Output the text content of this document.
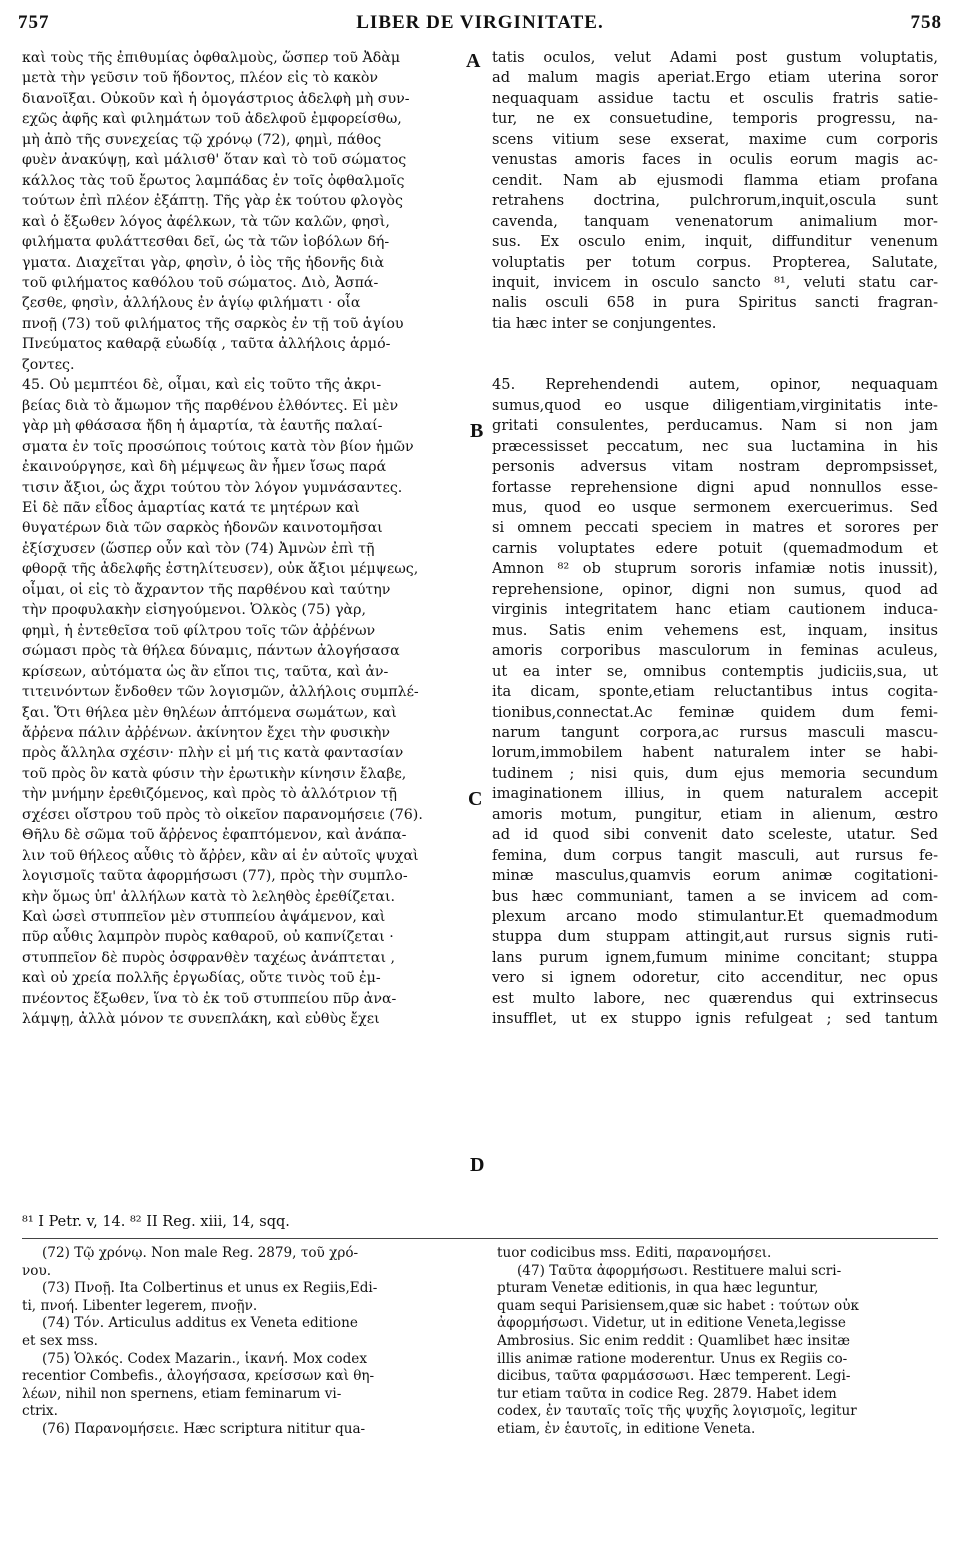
757	LIBER DE VIRGINITATE.	758
καὶ τοὺς τῆς ἐπιθυμίας ὀφθαλμοὺς, ὥσπερ τοῦ Ἀδὰμ
μετὰ τὴν γεῦσιν τοῦ ἥδοντος, πλέον εἰς τὸ κακὸν
διανοῖξαι. Οὐκοῦν καὶ ἡ ὁμογάστριος ἀδελφὴ μὴ συν-
εχῶς ἀφῆς καὶ φιλημάτων τοῦ ἀδελφοῦ ἐμφορείσθω,
μὴ ἀπὸ τῆς συνεχείας τῷ χρόνῳ (72), φημὶ, πάθος
φυὲν ἀνακύψῃ, καὶ μάλισθ' ὅταν καὶ τὸ τοῦ σώματος
κάλλος τὰς τοῦ ἔρωτος λαμπάδας ἐν τοῖς ὀφθαλμοῖς
τούτων ἐπὶ πλέον ἐξάπτῃ. Τῆς γὰρ ἐκ τούτου φλογὸς
καὶ ὁ ἔξωθεν λόγος ἀφέλκων, τὰ τῶν καλῶν, φησὶ,
φιλήματα φυλάττεσθαι δεῖ, ὡς τὰ τῶν ἰοβόλων δή-
γματα. Διαχεῖται γὰρ, φησὶν, ὁ ἰὸς τῆς ἡδονῆς διὰ
τοῦ φιλήματος καθόλου τοῦ σώματος. Διὸ, Ἀσπά-
ζεσθε, φησὶν, ἀλλήλους ἐν ἁγίῳ φιλήματι · οἷα
πνοῇ (73) τοῦ φιλήματος τῆς σαρκὸς ἐν τῇ τοῦ ἁγίου
Πνεύματος καθαρᾷ εὐωδίᾳ , ταῦτα ἀλλήλοις ἁρμό-
ζοντες.
45. Οὐ μεμπτέοι δὲ, οἶμαι, καὶ εἰς τοῦτο τῆς ἀκρι-
βείας διὰ τὸ ἄμωμον τῆς παρθένου ἐλθόντες. Εἰ μὲν
γὰρ μὴ φθάσασα ἤδη ἡ ἁμαρτία, τὰ ἑαυτῆς παλαί-
σματα ἐν τοῖς προσώποις τούτοις κατὰ τὸν βίον ἡμῶν
ἐκαινούργησε, καὶ δὴ μέμψεως ἂν ἦμεν ἴσως παρά
τισιν ἄξιοι, ὡς ἄχρι τούτου τὸν λόγον γυμνάσαντες.
Εἰ δὲ πᾶν εἶδος ἁμαρτίας κατά τε μητέρων καὶ
θυγατέρων διὰ τῶν σαρκὸς ἡδονῶν καινοτομῆσαι
ἐξίσχυσεν (ὥσπερ οὖν καὶ τὸν (74) Ἀμνὼν ἐπὶ τῇ
φθορᾷ τῆς ἀδελφῆς ἐστηλίτευσεν), οὐκ ἄξιοι μέμψεως,
οἶμαι, οἱ εἰς τὸ ἄχραντον τῆς παρθένου καὶ ταύτην
τὴν προφυλακὴν εἰσηγούμενοι. Ὁλκὸς (75) γὰρ,
φημὶ, ἡ ἐντεθεῖσα τοῦ φίλτρου τοῖς τῶν ἀῤῥένων
σώμασι πρὸς τὰ θήλεα δύναμις, πάντων ἀλογήσασα
κρίσεων, αὐτόματα ὡς ἂν εἴποι τις, ταῦτα, καὶ ἀν-
τιτεινόντων ἔνδοθεν τῶν λογισμῶν, ἀλλήλοις συμπλέ-
ξαι. Ὅτι θήλεα μὲν θηλέων ἁπτόμενα σωμάτων, καὶ
ἄῤῥενα πάλιν ἀῤῥένων. ἀκίνητον ἔχει τὴν φυσικὴν
πρὸς ἄλληλα σχέσιν· πλὴν εἰ μή τις κατὰ φαντασίαν
τοῦ πρὸς ὃν κατὰ φύσιν τὴν ἐρωτικὴν κίνησιν ἔλαβε,
τὴν μνήμην ἐρεθιζόμενος, καὶ πρὸς τὸ ἀλλότριον τῇ
σχέσει οἴστρου τοῦ πρὸς τὸ οἰκεῖον παρανομήσειε (76).
Θῆλυ δὲ σῶμα τοῦ ἄῤῥενος ἐφαπτόμενον, καὶ ἀνάπα-
λιν τοῦ θήλεος αὖθις τὸ ἄῤῥεν, κἂν αἱ ἐν αὐτοῖς ψυχαὶ
λογισμοῖς ταῦτα ἀφορμήσωσι (77), πρὸς τὴν συμπλο-
κὴν ὅμως ὑπ' ἀλλήλων κατὰ τὸ λεληθὸς ἐρεθίζεται.
Καὶ ὡσεὶ στυππεῖον μὲν στυππείου ἀψάμενον, καὶ
πῦρ αὖθις λαμπρὸν πυρὸς καθαροῦ, οὐ καπνίζεται ·
στυππεῖον δὲ πυρὸς ὀσφρανθὲν ταχέως ἀνάπτεται ,
καὶ οὐ χρεία πολλῆς ἐργωδίας, οὔτε τινὸς τοῦ ἐμ-
πνέοντος ἔξωθεν, ἵνα τὸ ἐκ τοῦ στυππείου πῦρ ἀνα-
λάμψῃ, ἀλλὰ μόνον τε συνεπλάκη, καὶ εὐθὺς ἔχει
tatis oculos, velut Adami post gustum voluptatis,
ad malum magis aperiat.Ergo etiam uterina soror
nequaquam assidue tactu et osculis fratris satie-
tur, ne ex consuetudine, temporis progressu, na-
scens vitium sese exserat, maxime cum corporis
venustas amoris faces in oculis eorum magis ac-
cendit. Nam ab ejusmodi flamma etiam profana
retrahens doctrina, pulchrorum,inquit,oscula sunt
cavenda, tanquam venenatorum animalium mor-
sus. Ex osculo enim, inquit, diffunditur venenum
voluptatis per totum corpus. Propterea, Salutate,
inquit, invicem in osculo sancto ⁸¹, veluti statu car-
nalis osculi 658 in pura Spiritus sancti fragran-
tia hæc inter se conjungentes.

45. Reprehendendi autem, opinor, nequaquam
sumus,quod eo usque diligentiam,virginitatis inte-
gritati consulentes, perducamus. Nam si non jam
præcessisset peccatum, nec sua luctamina in his
personis adversus vitam nostram deprompsisset,
fortasse reprehensione digni apud nonnullos esse-
mus, quod eo usque sermonem exercuerimus. Sed
si omnem peccati speciem in matres et sorores per
carnis voluptates edere potuit (quemadmodum et
Amnon ⁸² ob stuprum sororis infamiæ notis inussit),
reprehensione, opinor, digni non sumus, quod ad
virginis integritatem hanc etiam cautionem inducа-
mus. Satis enim vehemens est, inquam, insitus
amoris corporibus masculorum in feminas aculeus,
ut ea inter se, omnibus contemptis judiciis,sua, ut
ita dicam, sponte,etiam reluctantibus intus cogita-
tionibus,connectat.Ac feminæ quidem dum femi-
narum tangunt corpora,ac rursus masculi mascu-
lorum,immobilem habent naturalem inter se habi-
tudinem ; nisi quis, dum ejus memoria secundum
imaginationem illius, in quem naturalem accepit
amoris motum, pungitur, etiam in alienum, œstro
ad id quod sibi convenit dato sceleste, utatur. Sed
femina, dum corpus tangit masculi, aut rursus fe-
minæ masculus,quamvis eorum animæ cogitationi-
bus hæc communiant, tamen a se invicem ad com-
plexum arcano modo stimulantur.Et quemadmodum
stuppa dum stuppam attingit,aut rursus signis ruti-
lans purum ignem,fumum minime concitant; stuppa
vero si ignem odoretur, cito accenditur, nec opus
est multo labore, nec quærendus qui extrinsecus
insufflet, ut ex stuppo ignis refulgeat ; sed tantum
A
B
C
D
⁸¹ I Petr. v, 14. ⁸² II Reg. xiii, 14, sqq.
(72) Τῷ χρόνῳ. Non male Reg. 2879, τοῦ χρό-
νου.
(73) Πνοῇ. Ita Colbertinus et unus ex Regiis,Edi-
ti, πνοή. Libenter legerem, πνοῇν.
(74) Τόν. Articulus additus ex Veneta editione
et sex mss.
(75) Ὁλκός. Codex Mazarin., ἱκανή. Mox codex
recentior Combefis., ἀλογήσασα, κρείσσων καὶ θη-
λέων, nihil non spernens, etiam feminarum vi-
ctrix.
(76) Παρανομήσειε. Hæc scriptura nititur qua-
tuor codicibus mss. Editi, παρανομήσει.
(47) Ταῦτα ἀφορμήσωσι. Restituere malui scri-
pturam Venetæ editionis, in qua hæc leguntur,
quam sequi Parisiensem,quæ sic habet : τούτων οὐκ
ἀφορμήσωσι. Videtur, ut in editione Veneta,legisse
Ambrosius. Sic enim reddit : Quamlibet hæc insitæ
illis animæ ratione moderentur. Unus ex Regiis co-
dicibus, ταῦτα φαρμάσσωσι. Hæc temperent. Legi-
tur etiam ταῦτα in codice Reg. 2879. Habet idem
codex, ἐν ταυταῖς τοῖς τῆς ψυχῆς λογισμοῖς, legitur
etiam, ἐν ἑαυτοῖς, in editione Veneta.
